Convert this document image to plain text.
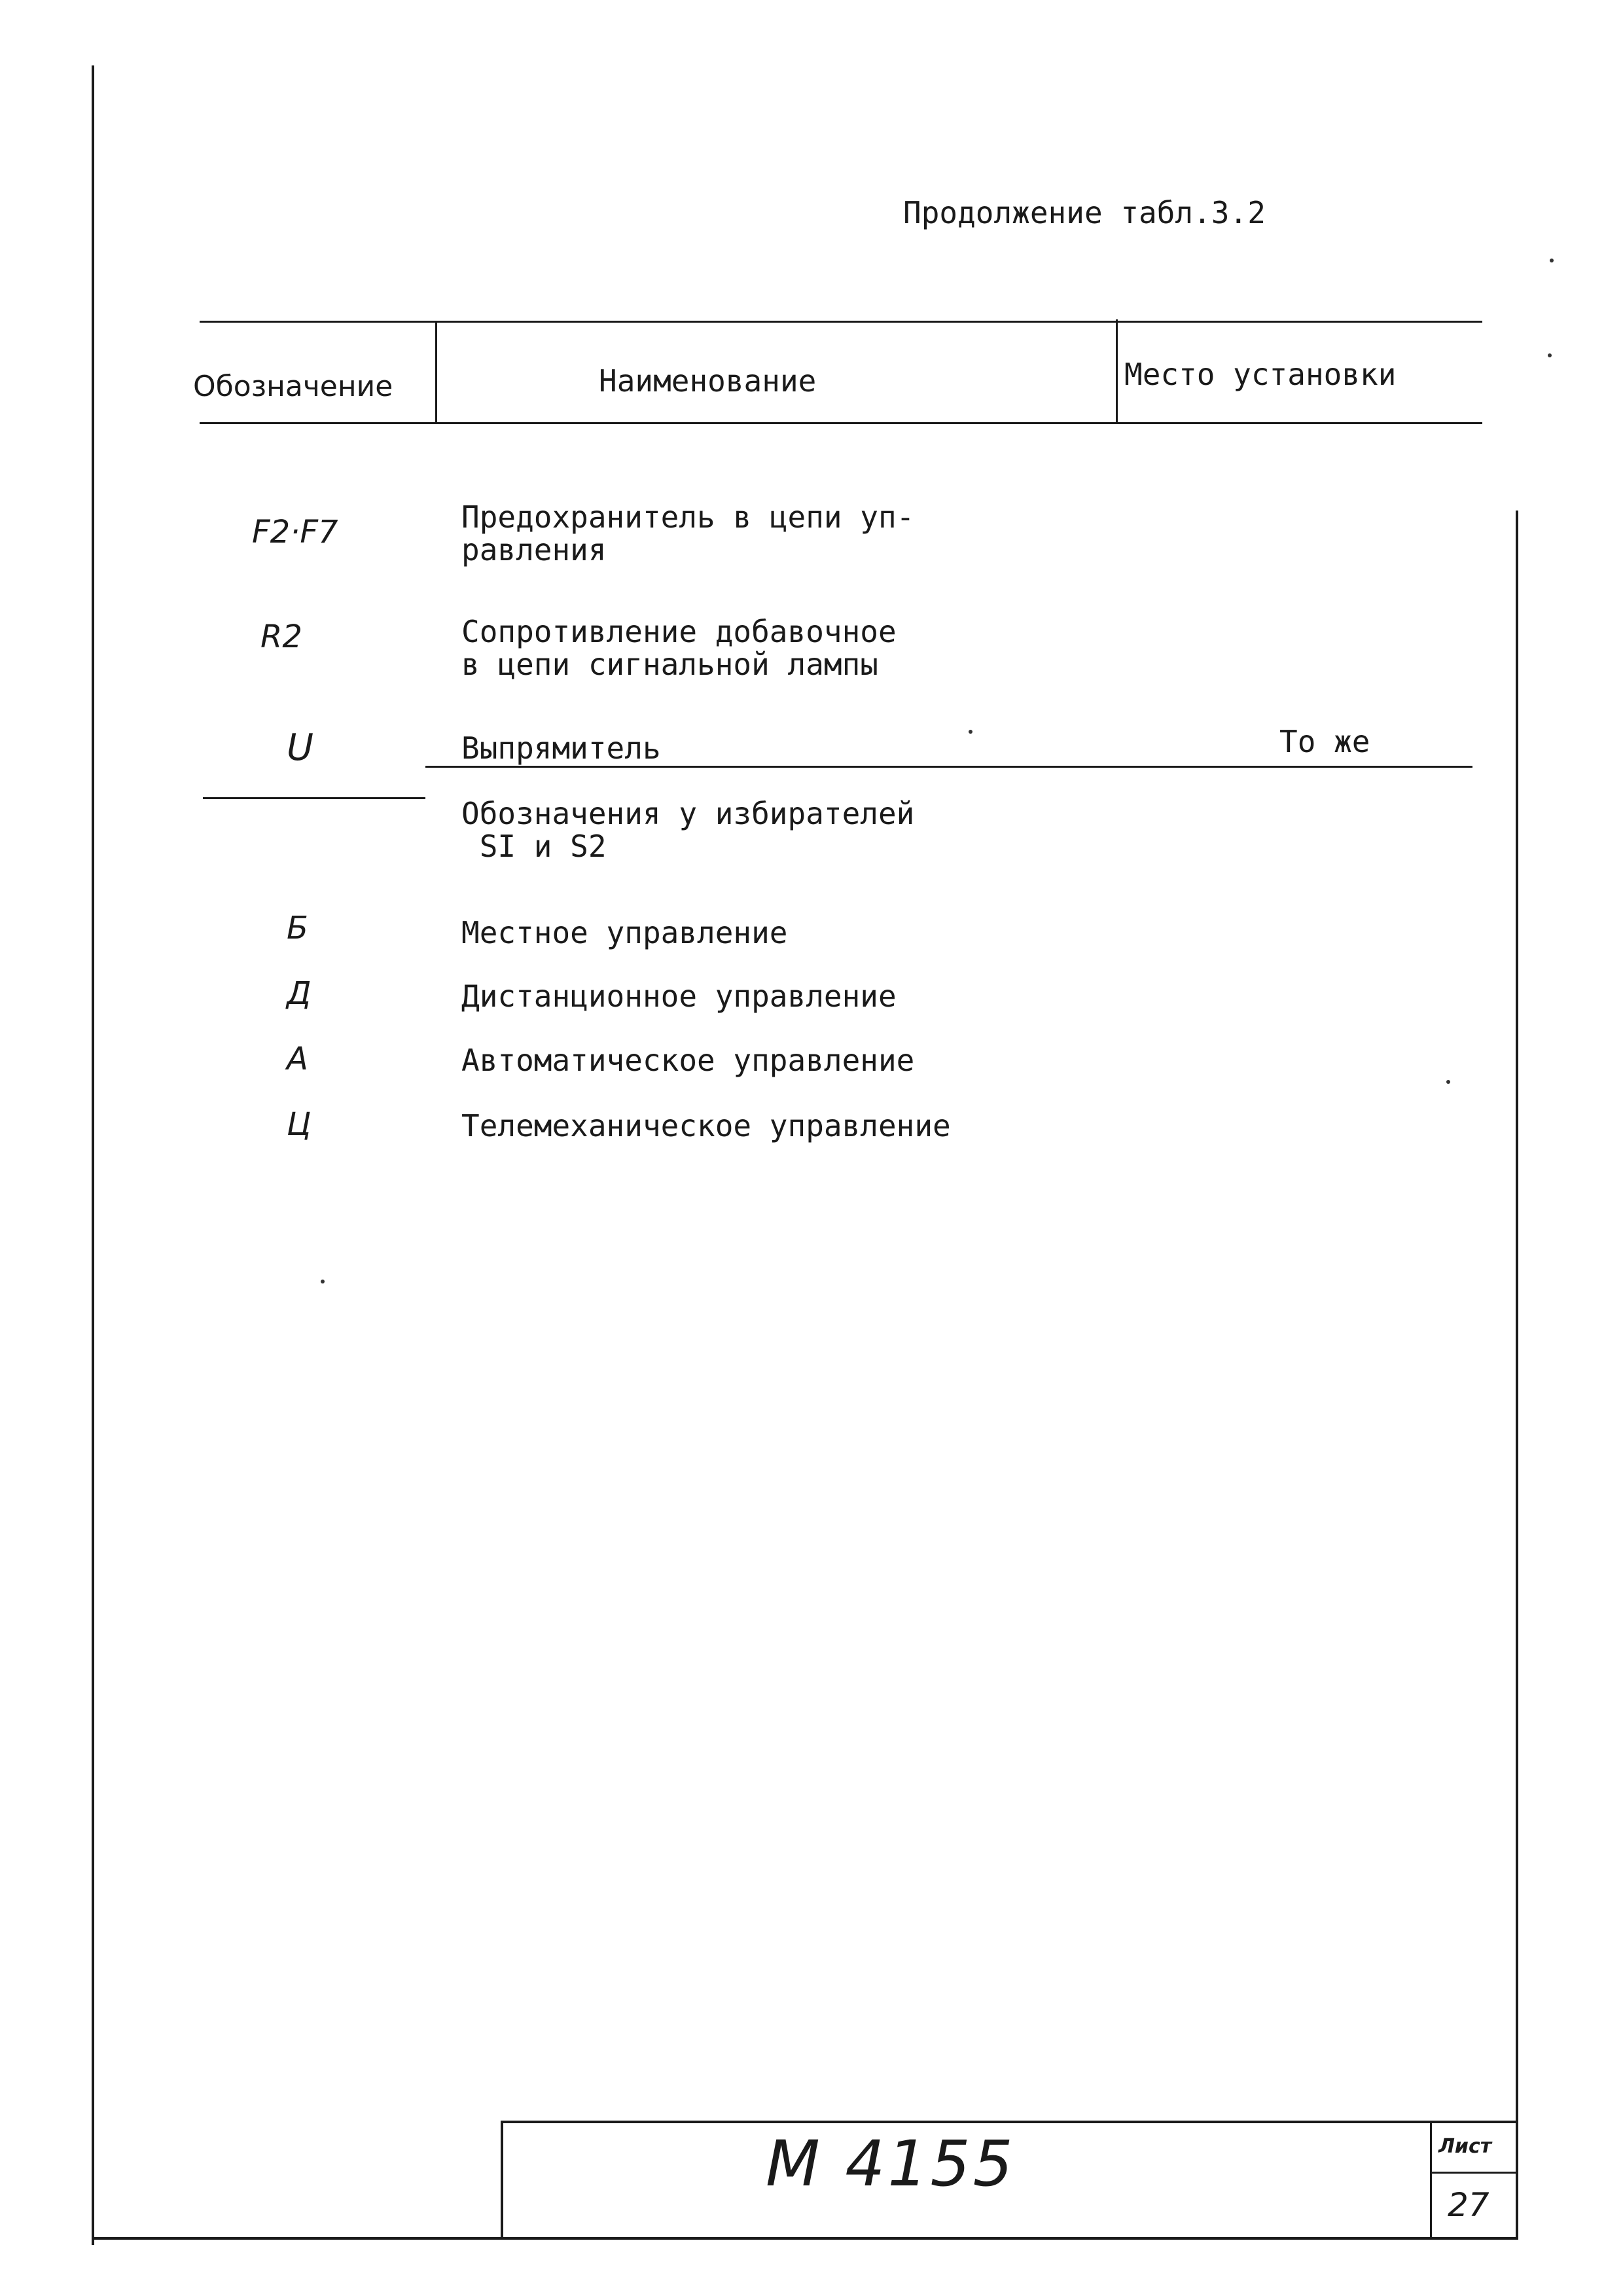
Продолжение табл.3.2
Обозначение	Наименование	Место установки
F2·F7	Предохранитель в цепи уп-
равления
R2	Сопротивление добавочное
в цепи сигнальной лампы
U	Выпрямитель	То же
Обозначения у избирателей
SI и S2
Б	Местное управление
Д	Дистанционное управление
А	Автоматическое управление
Ц	Телемеханическое управление
M 4155	Лист
27
